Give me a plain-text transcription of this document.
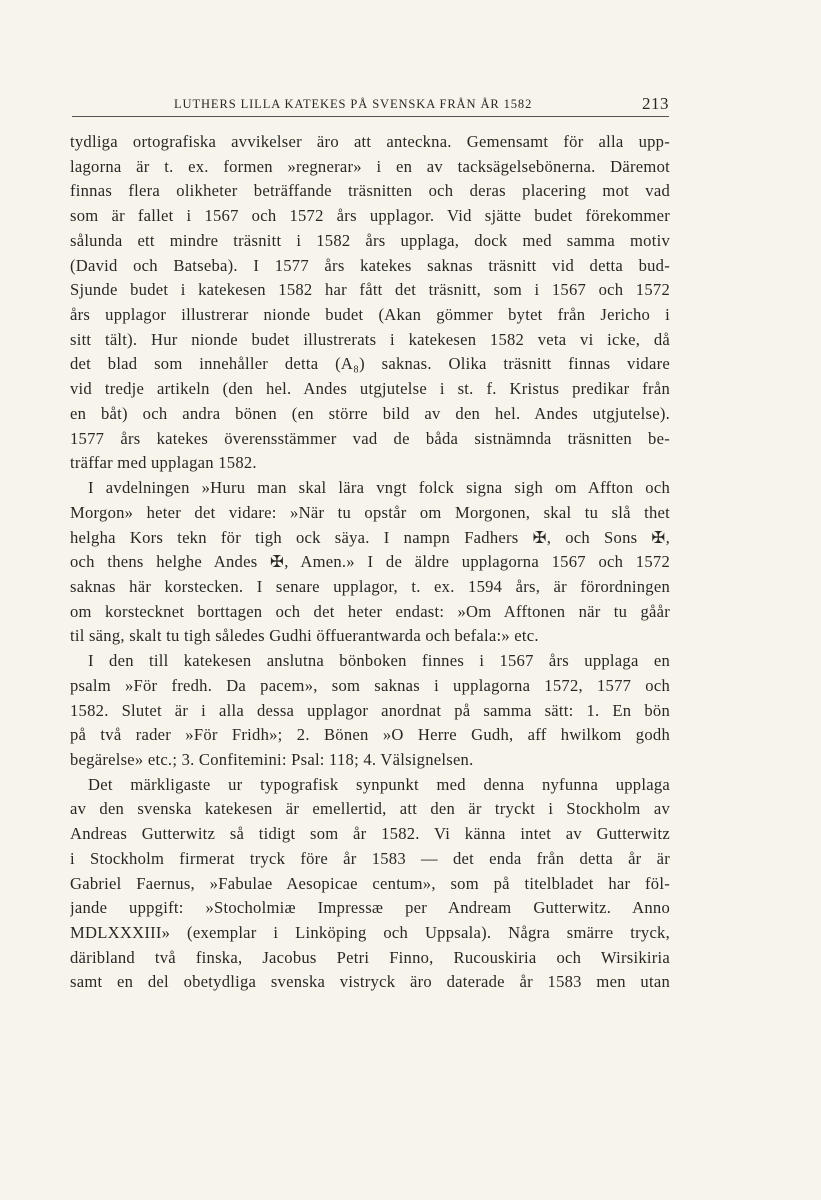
LUTHERS LILLA KATEKES PÅ SVENSKA FRÅN ÅR 1582	213
tydliga ortografiska avvikelser äro att anteckna. Gemensamt för alla upp-
lagorna är t. ex. formen »regnerar» i en av tacksägelsebönerna. Däremot
finnas flera olikheter beträffande träsnitten och deras placering mot vad
som är fallet i 1567 och 1572 års upplagor. Vid sjätte budet förekommer
sålunda ett mindre träsnitt i 1582 års upplaga, dock med samma motiv
(David och Batseba). I 1577 års katekes saknas träsnitt vid detta bud-
Sjunde budet i katekesen 1582 har fått det träsnitt, som i 1567 och 1572
års upplagor illustrerar nionde budet (Akan gömmer bytet från Jericho i
sitt tält). Hur nionde budet illustrerats i katekesen 1582 veta vi icke, då
det blad som innehåller detta (A₈) saknas. Olika träsnitt finnas vidare
vid tredje artikeln (den hel. Andes utgjutelse i st. f. Kristus predikar från
en båt) och andra bönen (en större bild av den hel. Andes utgjutelse).
1577 års katekes överensstämmer vad de båda sistnämnda träsnitten be-
träffar med upplagan 1582.
I avdelningen »Huru man skal lära vngt folck signa sigh om Affton och
Morgon» heter det vidare: »När tu opstår om Morgonen, skal tu slå thet
helgha Kors tekn för tigh ock säya. I nampn Fadhers ✠, och Sons ✠,
och thens helghe Andes ✠, Amen.» I de äldre upplagorna 1567 och 1572
saknas här korstecken. I senare upplagor, t. ex. 1594 års, är förordningen
om korstecknet borttagen och det heter endast: »Om Afftonen när tu gåår
til säng, skalt tu tigh således Gudhi öffuerantwarda och befala:» etc.
I den till katekesen anslutna bönboken finnes i 1567 års upplaga en
psalm »För fredh. Da pacem», som saknas i upplagorna 1572, 1577 och
1582. Slutet är i alla dessa upplagor anordnat på samma sätt: 1. En bön
på två rader »För Fridh»; 2. Bönen »O Herre Gudh, aff hwilkom godh
begärelse» etc.; 3. Confitemini: Psal: 118; 4. Välsignelsen.
Det märkligaste ur typografisk synpunkt med denna nyfunna upplaga
av den svenska katekesen är emellertid, att den är tryckt i Stockholm av
Andreas Gutterwitz så tidigt som år 1582. Vi känna intet av Gutterwitz
i Stockholm firmerat tryck före år 1583 — det enda från detta år är
Gabriel Faernus, »Fabulae Aesopicae centum», som på titelbladet har föl-
jande uppgift: »Stocholmiæ Impressæ per Andream Gutterwitz. Anno
MDLXXXIII» (exemplar i Linköping och Uppsala). Några smärre tryck,
däribland två finska, Jacobus Petri Finno, Rucouskiria och Wirsikiria
samt en del obetydliga svenska vistryck äro daterade år 1583 men utan
